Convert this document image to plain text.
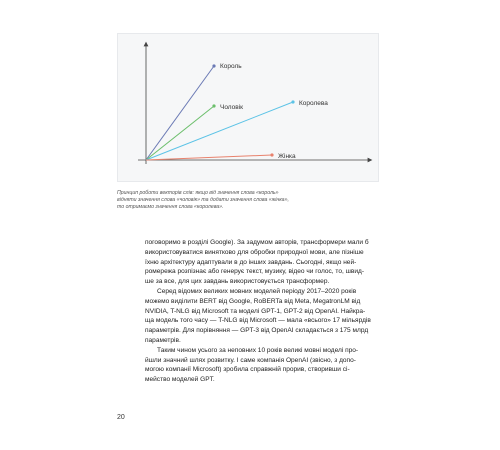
Король
Чоловік
Королева
Жінка
Принцип роботи векторів слів: якщо від значення слова «король»
відняти значення слова «чоловік» та додати значення слова «жінка»,
то отримаємо значення слова «королева».
поговоримо в розділі Google). За задумом авторів, трансформери мали б
використовуватися винятково для обробки природної мови, але пізніше
їхню архітектуру адаптували в до інших завдань. Сьогодні, якщо ней-
ромережа розпізнає або генерує текст, музику, відео чи голос, то, швид-
ше за все, для цих завдань використовується трансформер.
Серед відомих великих мовних моделей періоду 2017–2020 років
можемо виділити BERT від Google, RoBERTa від Meta, MegatronLM від
NVIDIA, T-NLG від Microsoft та моделі GPT-1, GPT-2 від OpenAI. Найкра-
ща модель того часу — T-NLG від Microsoft — мала «всього» 17 мільярдів
параметрів. Для порівняння — GPT-3 від OpenAI складається з 175 млрд
параметрів.
Таким чином усього за неповних 10 років великі мовні моделі про-
йшли значний шлях розвитку. І саме компанія OpenAI (звісно, з допо-
могою компанії Microsoft) зробила справжній прорив, створивши сі-
мейство моделей GPT.
20
